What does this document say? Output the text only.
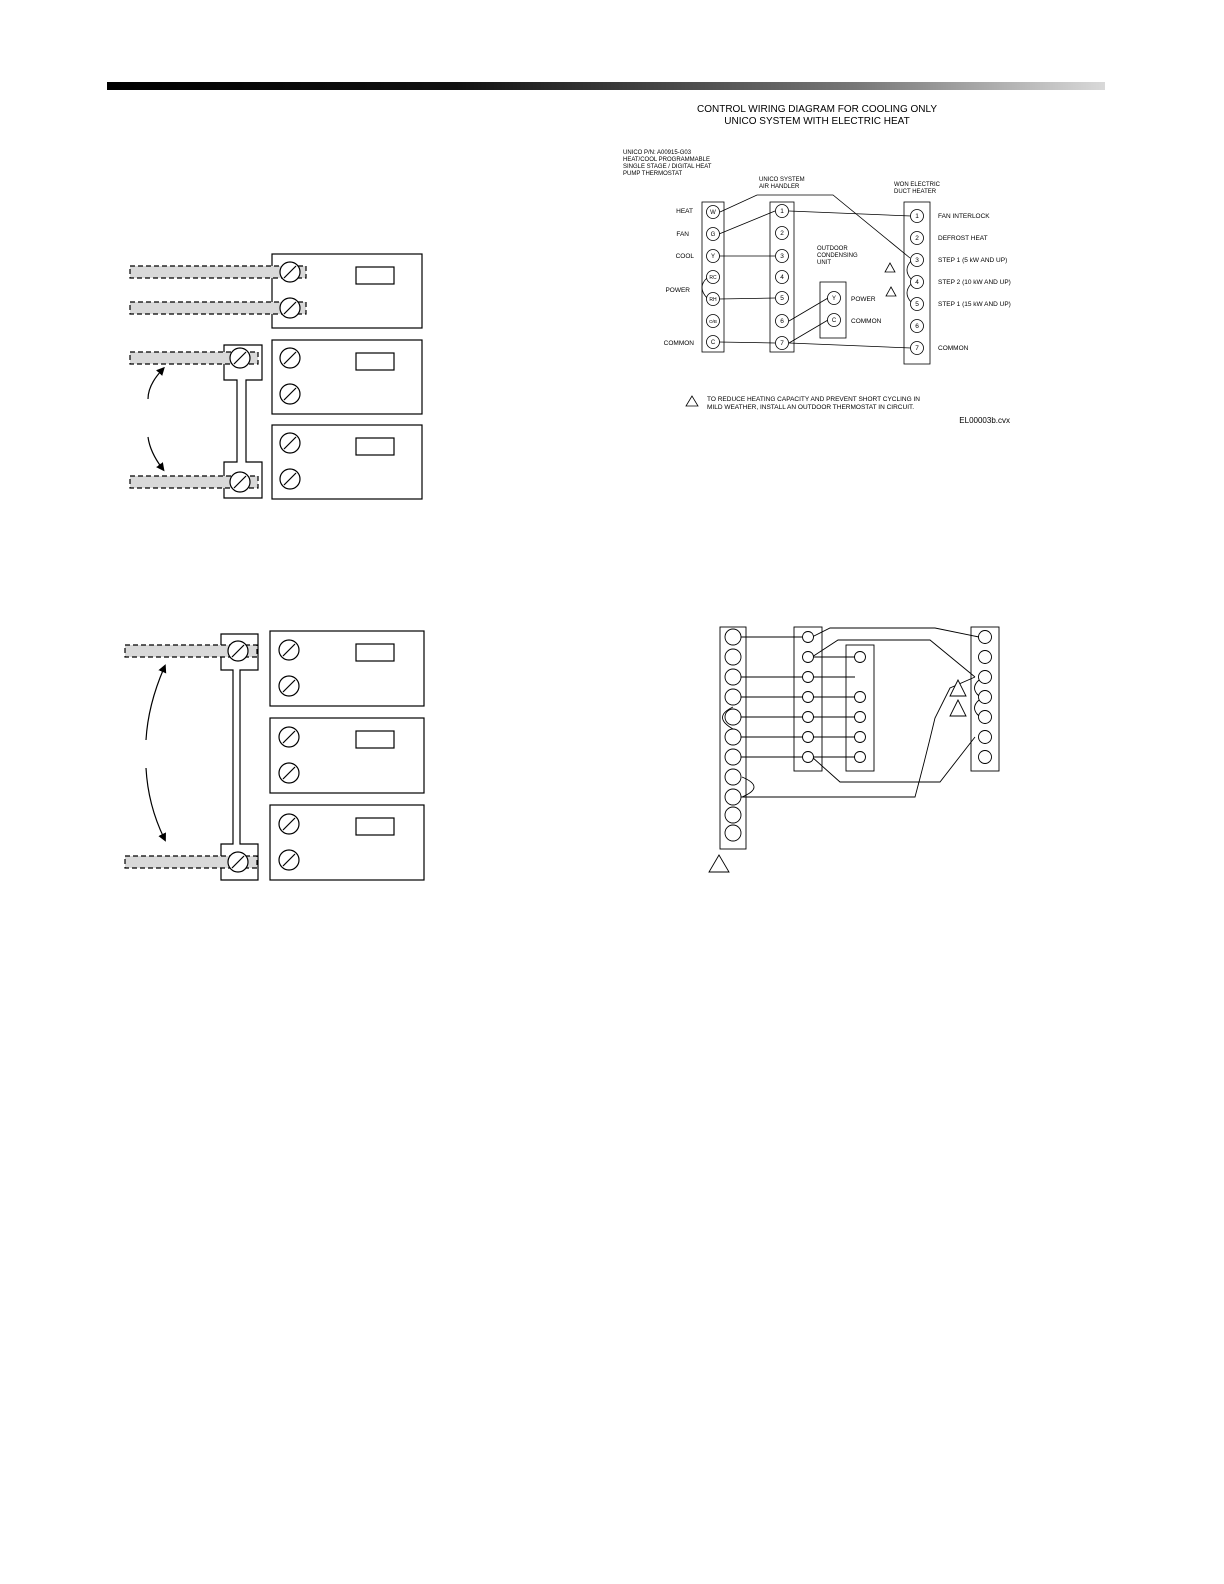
CONTROL WIRING DIAGRAM FOR COOLING ONLY
UNICO SYSTEM WITH ELECTRIC HEAT
UNICO P/N: A00915-G03
HEAT/COOL PROGRAMMABLE
SINGLE STAGE / DIGITAL HEAT
PUMP THERMOSTAT
UNICO SYSTEM
AIR HANDLER	WON ELECTRIC
DUCT HEATER
OUTDOOR
CONDENSING
UNIT
HEAT
FAN
COOL
POWER
COMMON
W
G
Y
RC
RH
O/B
C
1
2
3
4
5
6
7
Y
C
POWER
COMMON
1
2
3
4
5
6
7
FAN INTERLOCK
DEFROST HEAT
STEP 1 (5 kW AND UP)
STEP 2 (10 kW AND UP)
STEP 1 (15 kW AND UP)
COMMON
TO REDUCE HEATING CAPACITY AND PREVENT SHORT CYCLING IN
MILD WEATHER, INSTALL AN OUTDOOR THERMOSTAT IN CIRCUIT.
EL00003b.cvx
